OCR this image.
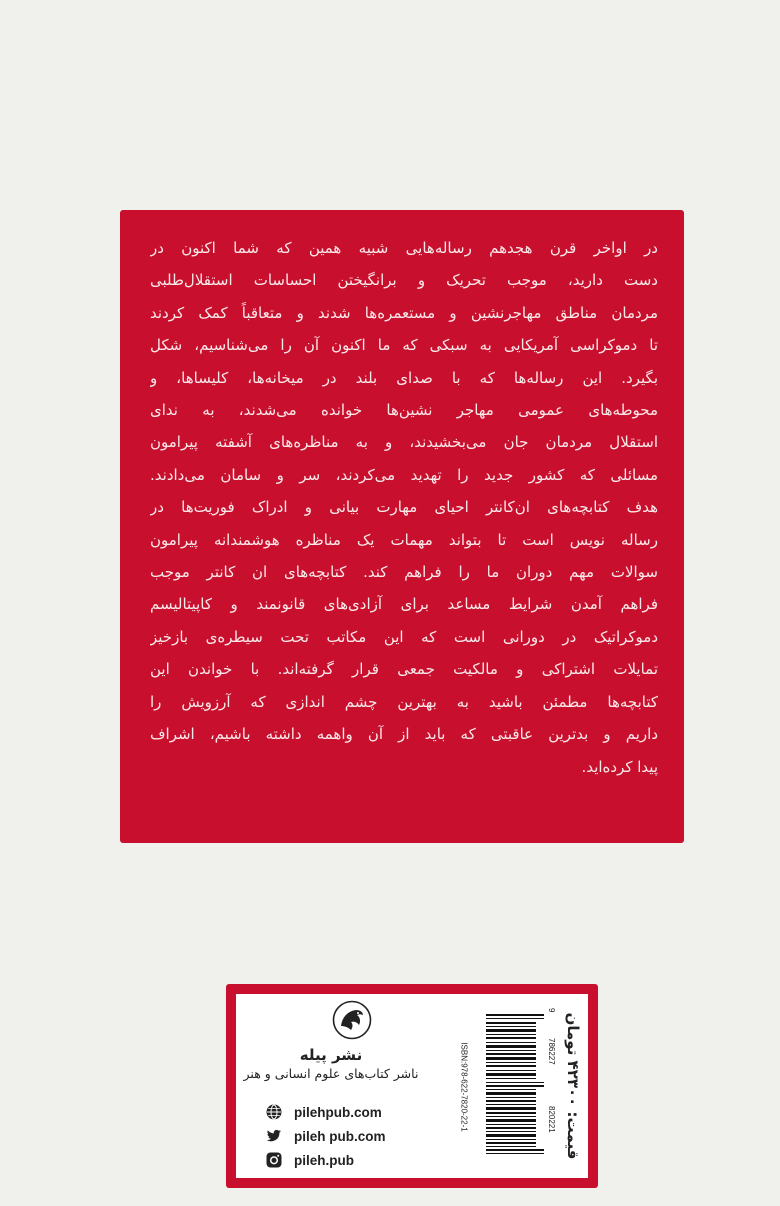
در اواخر قرن هجدهم رساله‌هایی شبیه همین که شما اکنون در
دست دارید، موجب تحریک و برانگیختن احساسات استقلال‌طلبی
مردمان مناطق مهاجرنشین و مستعمره‌ها شدند و متعاقباً کمک کردند
تا دموکراسی آمریکایی به سبکی که ما اکنون آن را می‌شناسیم، شکل
بگیرد. این رساله‌ها که با صدای بلند در میخانه‌ها، کلیساها، و
محوطه‌های عمومی مهاجر نشین‌ها خوانده می‌شدند، به ندای
استقلال مردمان جان می‌بخشیدند، و به مناظره‌های آشفته پیرامون
مسائلی که کشور جدید را تهدید می‌کردند، سر و سامان می‌دادند.
هدف کتابچه‌های ان‌کانتر احیای مهارت بیانی و ادراک فوریت‌ها در
رساله نویس است تا بتواند مهمات یک مناظره هوشمندانه پیرامون
سوالات مهم دوران ما را فراهم کند. کتابچه‌های ان کانتر موجب
فراهم آمدن شرایط مساعد برای آزادی‌های قانونمند و کاپیتالیسم
دموکراتیک در دورانی است که این مکاتب تحت سیطره‌ی بازخیز
تمایلات اشتراکی و مالکیت جمعی قرار گرفته‌اند. با خواندن این
کتابچه‌ها مطمئن باشید به بهترین چشم اندازی که آرزویش را
داریم و بدترین عاقبتی که باید از آن واهمه داشته باشیم، اشراف
پیدا کرده‌اید.
نشر پیله
ناشر کتاب‌های علوم انسانی و هنر
pilehpub.com
pileh pub.com
pileh.pub
ISBN:978-622-7820-22-1
9
786227
820221
قیمت: ۴۲۳۰۰ تومان
